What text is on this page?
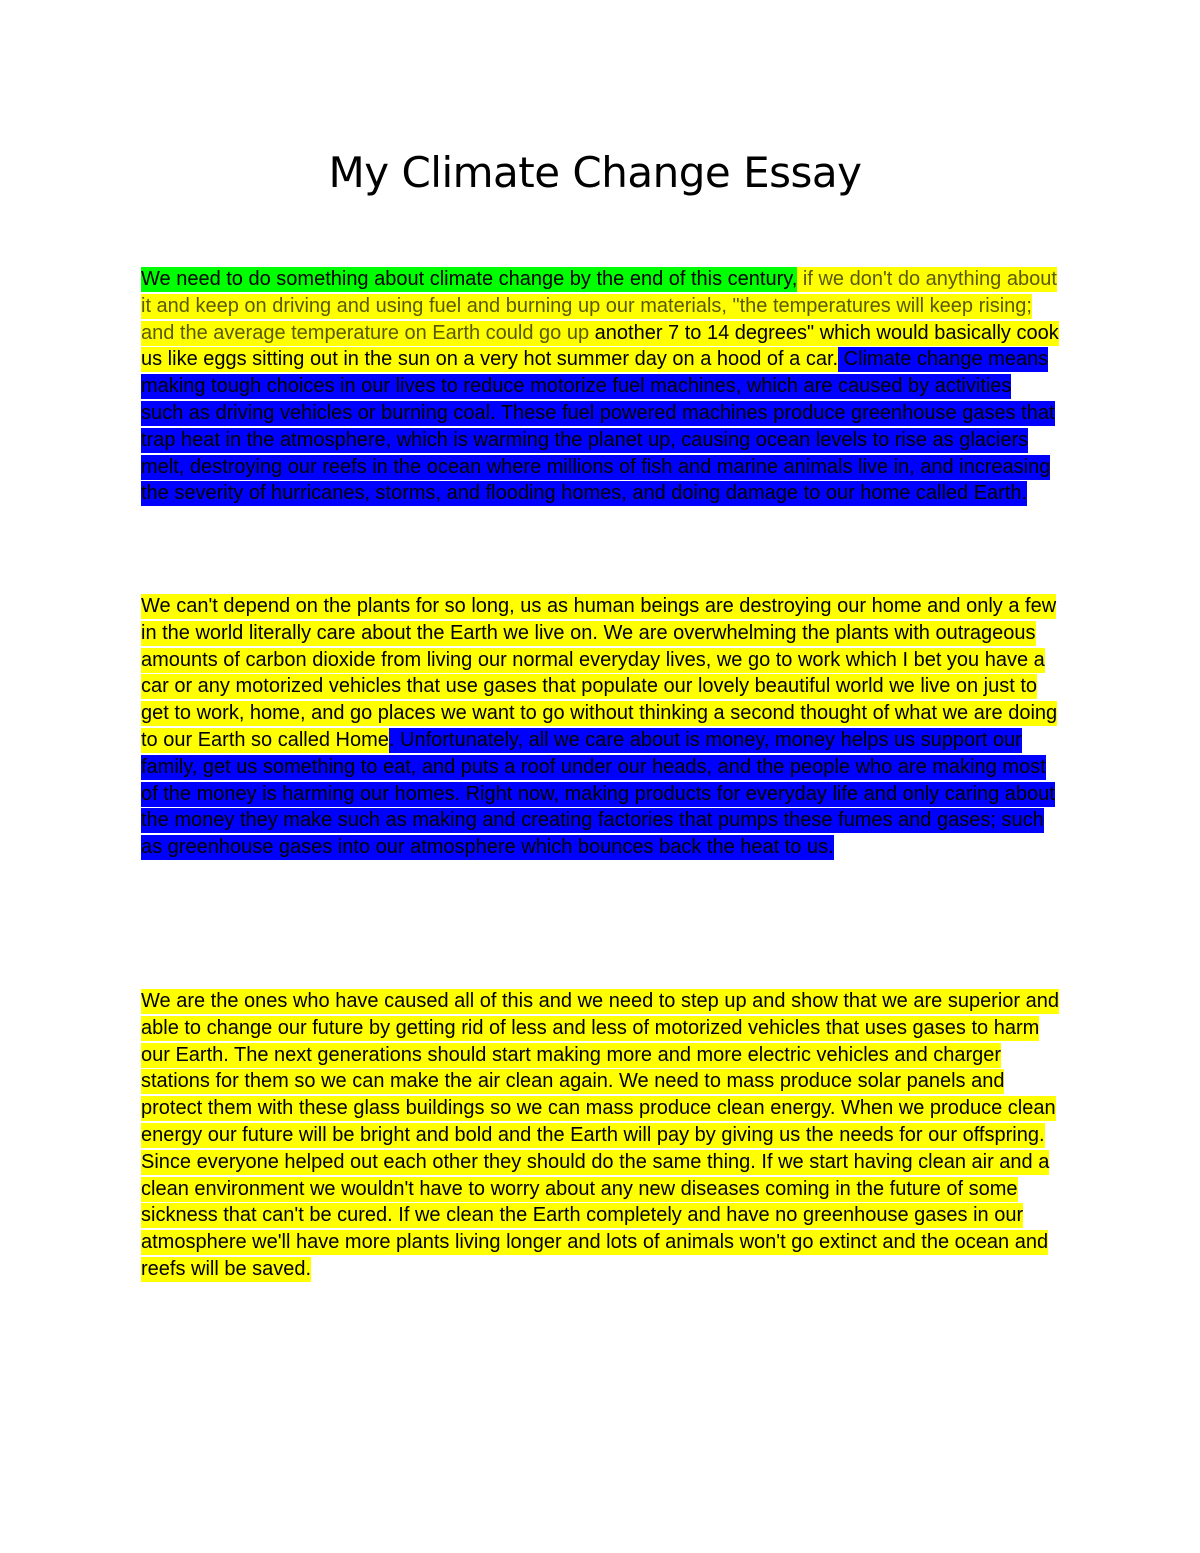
My Climate Change Essay

We need to do something about climate change by the end of this century, if we don't do anything about it and keep on driving and using fuel and burning up our materials, "the temperatures will keep rising; and the average temperature on Earth could go up another 7 to 14 degrees" which would basically cook us like eggs sitting out in the sun on a very hot summer day on a hood of a car. Climate change means making tough choices in our lives to reduce motorize fuel machines, which are caused by activities such as driving vehicles or burning coal. These fuel powered machines produce greenhouse gases that trap heat in the atmosphere, which is warming the planet up, causing ocean levels to rise as glaciers melt, destroying our reefs in the ocean where millions of fish and marine animals live in, and increasing the severity of hurricanes, storms, and flooding homes, and doing damage to our home called Earth.

We can't depend on the plants for so long, us as human beings are destroying our home and only a few in the world literally care about the Earth we live on. We are overwhelming the plants with outrageous amounts of carbon dioxide from living our normal everyday lives, we go to work which I bet you have a car or any motorized vehicles that use gases that populate our lovely beautiful world we live on just to get to work, home, and go places we want to go without thinking a second thought of what we are doing to our Earth so called Home. Unfortunately, all we care about is money, money helps us support our family, get us something to eat, and puts a roof under our heads, and the people who are making most of the money is harming our homes. Right now, making products for everyday life and only caring about the money they make such as making and creating factories that pumps these fumes and gases; such as greenhouse gases into our atmosphere which bounces back the heat to us.

We are the ones who have caused all of this and we need to step up and show that we are superior and able to change our future by getting rid of less and less of motorized vehicles that uses gases to harm our Earth. The next generations should start making more and more electric vehicles and charger stations for them so we can make the air clean again. We need to mass produce solar panels and protect them with these glass buildings so we can mass produce clean energy. When we produce clean energy our future will be bright and bold and the Earth will pay by giving us the needs for our offspring. Since everyone helped out each other they should do the same thing. If we start having clean air and a clean environment we wouldn't have to worry about any new diseases coming in the future of some sickness that can't be cured. If we clean the Earth completely and have no greenhouse gases in our atmosphere we'll have more plants living longer and lots of animals won't go extinct and the ocean and reefs will be saved.
